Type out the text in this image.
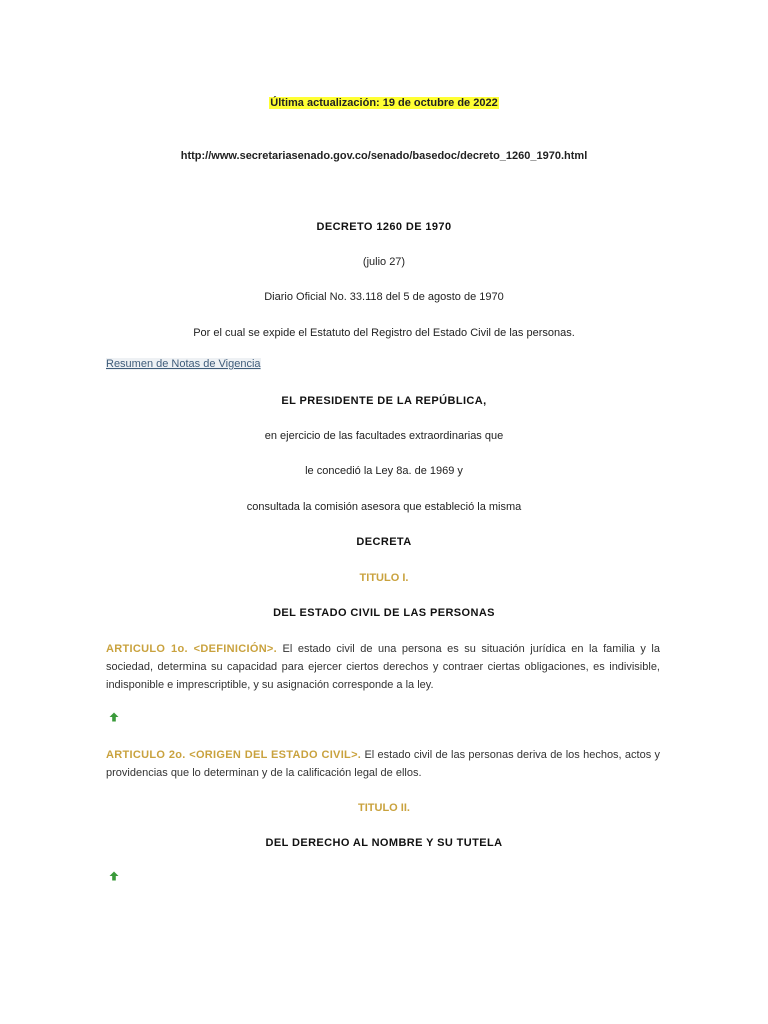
Última actualización: 19 de octubre de 2022
http://www.secretariasenado.gov.co/senado/basedoc/decreto_1260_1970.html
DECRETO 1260 DE 1970
(julio 27)
Diario Oficial No. 33.118 del 5 de agosto de 1970
Por el cual se expide el Estatuto del Registro del Estado Civil de las personas.
Resumen de Notas de Vigencia
EL PRESIDENTE DE LA REPÚBLICA,
en ejercicio de las facultades extraordinarias que
le concedió la Ley 8a. de 1969 y
consultada la comisión asesora que estableció la misma
DECRETA
TITULO I.
DEL ESTADO CIVIL DE LAS PERSONAS
ARTICULO 1o. <DEFINICIÓN>. El estado civil de una persona es su situación jurídica en la familia y la sociedad, determina su capacidad para ejercer ciertos derechos y contraer ciertas obligaciones, es indivisible, indisponible e imprescriptible, y su asignación corresponde a la ley.
ARTICULO 2o. <ORIGEN DEL ESTADO CIVIL>. El estado civil de las personas deriva de los hechos, actos y providencias que lo determinan y de la calificación legal de ellos.
TITULO II.
DEL DERECHO AL NOMBRE Y SU TUTELA
